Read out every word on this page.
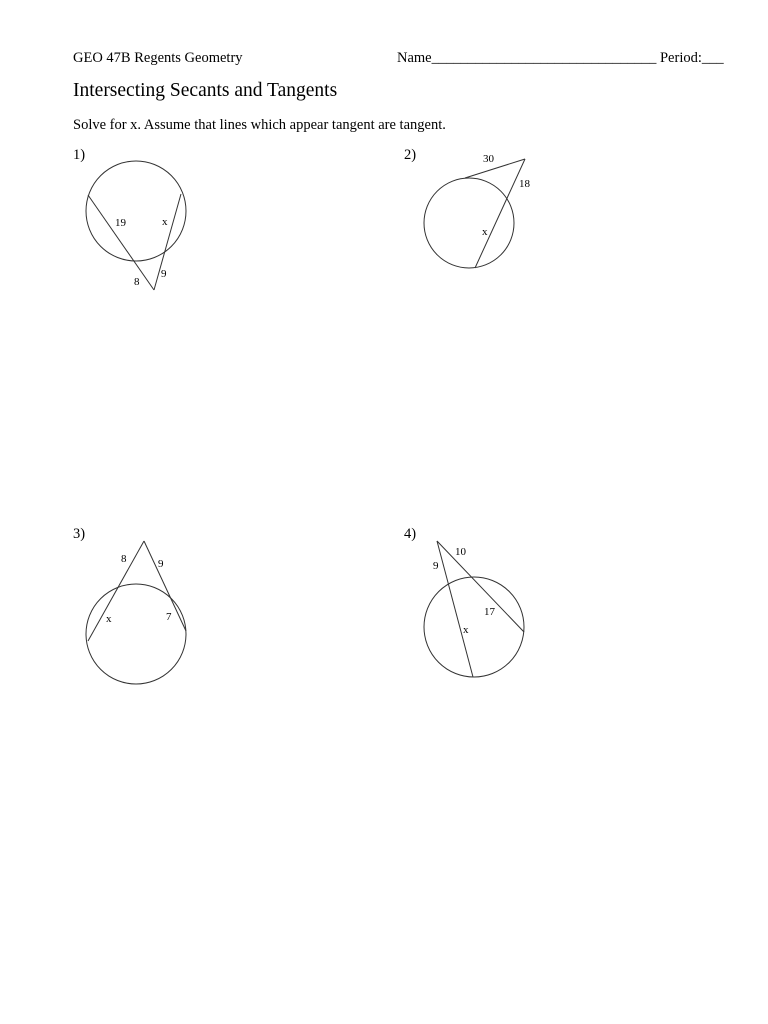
GEO 47B Regents Geometry	Name_______________________________ Period:___
Intersecting Secants and Tangents
Solve for x. Assume that lines which appear tangent are tangent.
1)	2)
3)	4)
19	x
8
9
30
18
x
8	9
x	7
10
9
17
x
